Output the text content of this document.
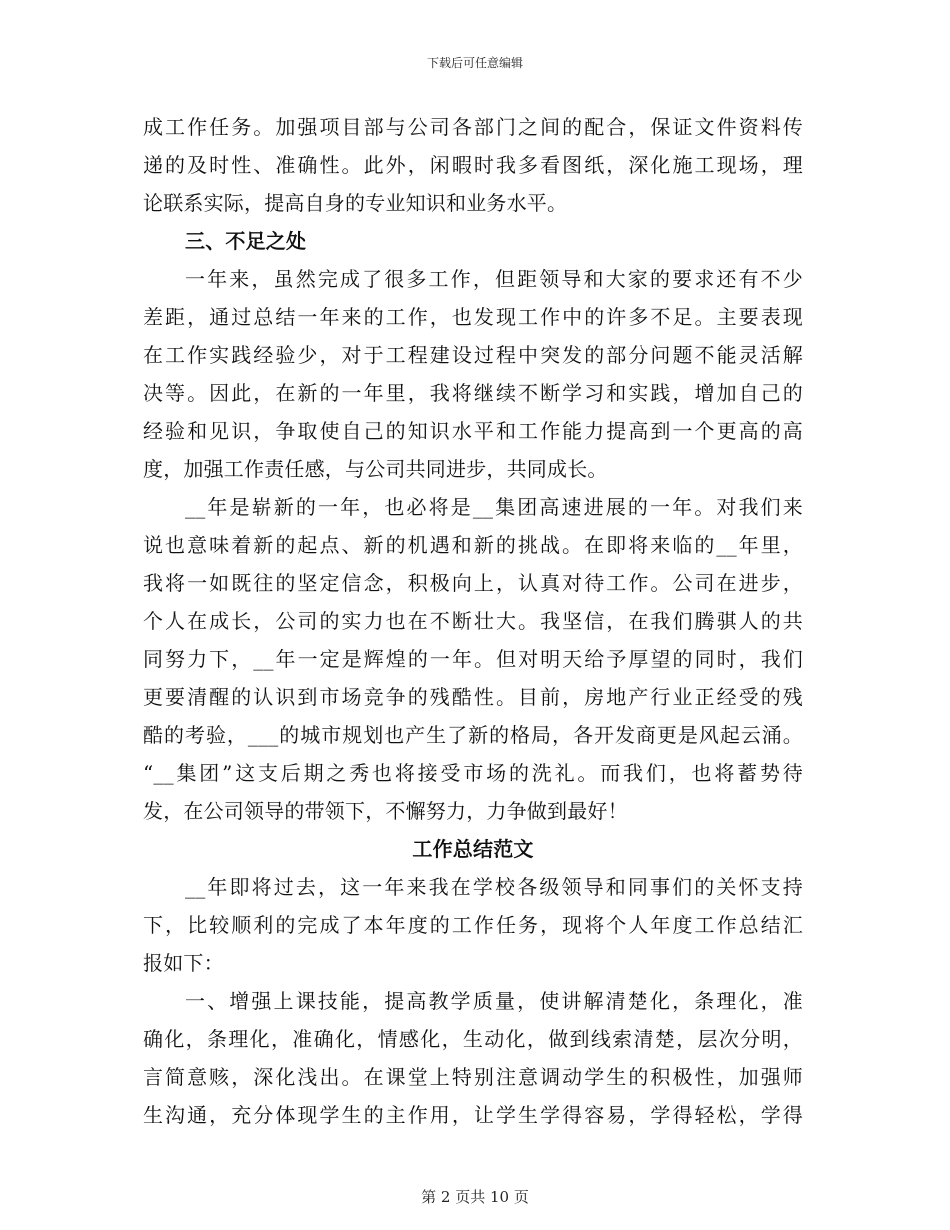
下载后可任意编辑
成工作任务。加强项目部与公司各部门之间的配合，保证文件资料传
递的及时性、准确性。此外，闲暇时我多看图纸，深化施工现场，理
论联系实际，提高自身的专业知识和业务水平。
三、不足之处
一年来，虽然完成了很多工作，但距领导和大家的要求还有不少
差距，通过总结一年来的工作，也发现工作中的许多不足。主要表现
在工作实践经验少，对于工程建设过程中突发的部分问题不能灵活解
决等。因此，在新的一年里，我将继续不断学习和实践，增加自己的
经验和见识，争取使自己的知识水平和工作能力提高到一个更高的高
度，加强工作责任感，与公司共同进步，共同成长。
__年是崭新的一年，也必将是__集团高速进展的一年。对我们来
说也意味着新的起点、新的机遇和新的挑战。在即将来临的__年里，
我将一如既往的坚定信念，积极向上，认真对待工作。公司在进步，
个人在成长，公司的实力也在不断壮大。我坚信，在我们腾骐人的共
同努力下，__年一定是辉煌的一年。但对明天给予厚望的同时，我们
更要清醒的认识到市场竞争的残酷性。目前，房地产行业正经受的残
酷的考验，___的城市规划也产生了新的格局，各开发商更是风起云涌。
“__集团”这支后期之秀也将接受市场的洗礼。而我们，也将蓄势待
发，在公司领导的带领下，不懈努力，力争做到最好！
工作总结范文
__年即将过去，这一年来我在学校各级领导和同事们的关怀支持
下，比较顺利的完成了本年度的工作任务，现将个人年度工作总结汇
报如下：
一、增强上课技能，提高教学质量，使讲解清楚化，条理化，准
确化，条理化，准确化，情感化，生动化，做到线索清楚，层次分明，
言简意赅，深化浅出。在课堂上特别注意调动学生的积极性，加强师
生沟通，充分体现学生的主作用，让学生学得容易，学得轻松，学得
第 2 页共 10 页
